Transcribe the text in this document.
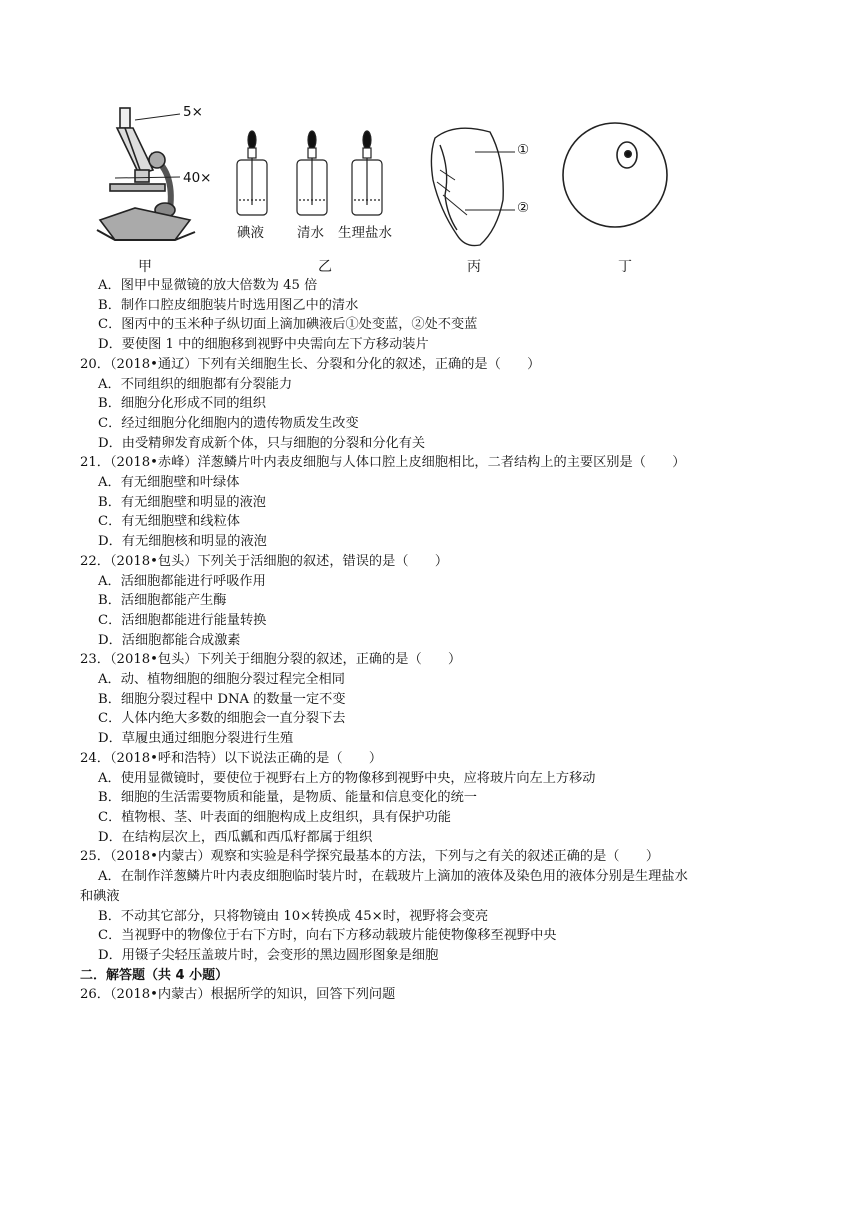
5×
40×
碘液 清水 生理盐水
①
②
甲	乙	丙	丁
A．图甲中显微镜的放大倍数为 45 倍
B．制作口腔皮细胞装片时选用图乙中的清水
C．图丙中的玉米种子纵切面上滴加碘液后①处变蓝，②处不变蓝
D．要使图 1 中的细胞移到视野中央需向左下方移动装片
20．（2018•通辽）下列有关细胞生长、分裂和分化的叙述，正确的是（　　）
A．不同组织的细胞都有分裂能力
B．细胞分化形成不同的组织
C．经过细胞分化细胞内的遗传物质发生改变
D．由受精卵发育成新个体，只与细胞的分裂和分化有关
21．（2018•赤峰）洋葱鳞片叶内表皮细胞与人体口腔上皮细胞相比，二者结构上的主要区别是（　　）
A．有无细胞壁和叶绿体
B．有无细胞壁和明显的液泡
C．有无细胞壁和线粒体
D．有无细胞核和明显的液泡
22．（2018•包头）下列关于活细胞的叙述，错误的是（　　）
A．活细胞都能进行呼吸作用
B．活细胞都能产生酶
C．活细胞都能进行能量转换
D．活细胞都能合成激素
23．（2018•包头）下列关于细胞分裂的叙述，正确的是（　　）
A．动、植物细胞的细胞分裂过程完全相同
B．细胞分裂过程中 DNA 的数量一定不变
C．人体内绝大多数的细胞会一直分裂下去
D．草履虫通过细胞分裂进行生殖
24．（2018•呼和浩特）以下说法正确的是（　　）
A．使用显微镜时，要使位于视野右上方的物像移到视野中央，应将玻片向左上方移动
B．细胞的生活需要物质和能量，是物质、能量和信息变化的统一
C．植物根、茎、叶表面的细胞构成上皮组织，具有保护功能
D．在结构层次上，西瓜瓤和西瓜籽都属于组织
25．（2018•内蒙古）观察和实验是科学探究最基本的方法，下列与之有关的叙述正确的是（　　）
A．在制作洋葱鳞片叶内表皮细胞临时装片时，在载玻片上滴加的液体及染色用的液体分别是生理盐水
和碘液
B．不动其它部分，只将物镜由 10×转换成 45×时，视野将会变亮
C．当视野中的物像位于右下方时，向右下方移动载玻片能使物像移至视野中央
D．用镊子尖轻压盖玻片时，会变形的黑边圆形图象是细胞
二．解答题（共 4 小题）
26．（2018•内蒙古）根据所学的知识，回答下列问题
